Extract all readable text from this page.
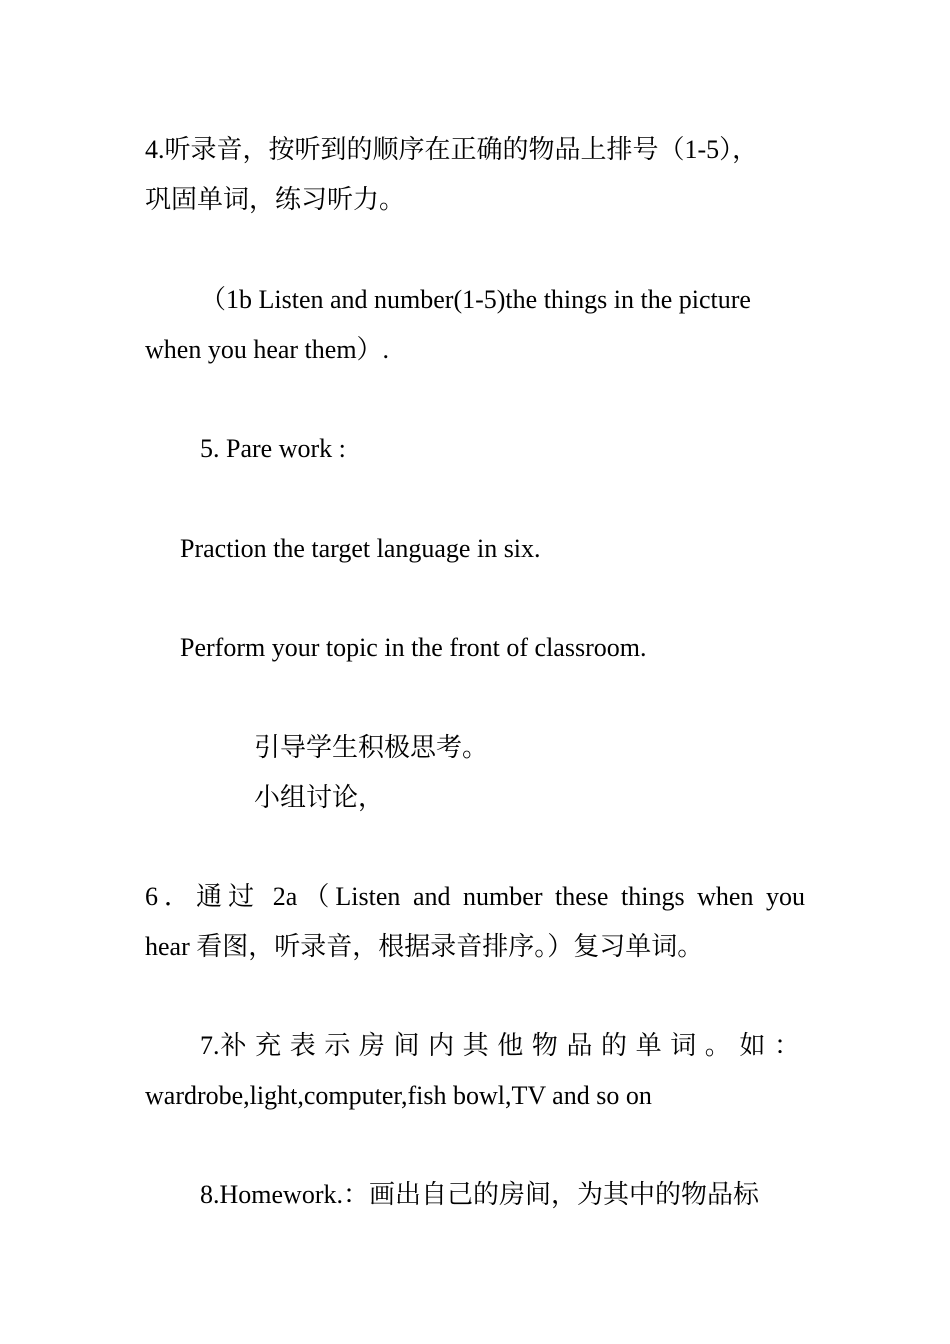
4.听录音，按听到的顺序在正确的物品上排号（1-5），
巩固单词，练习听力。
（1b Listen and number(1-5)the things in the picture
when you hear them）.
5. Pare work :
Praction the target language in six.
Perform your topic in the front of classroom.
引导学生积极思考。
小组讨论，
6．通过 2a（Listen and number these things when you
hear 看图，听录音，根据录音排序。）复习单词。
7.补 充 表 示 房 间 内 其 他 物 品 的 单 词 。 如 ：
wardrobe,light,computer,fish bowl,TV and so on
8.Homework.：画出自己的房间，为其中的物品标
